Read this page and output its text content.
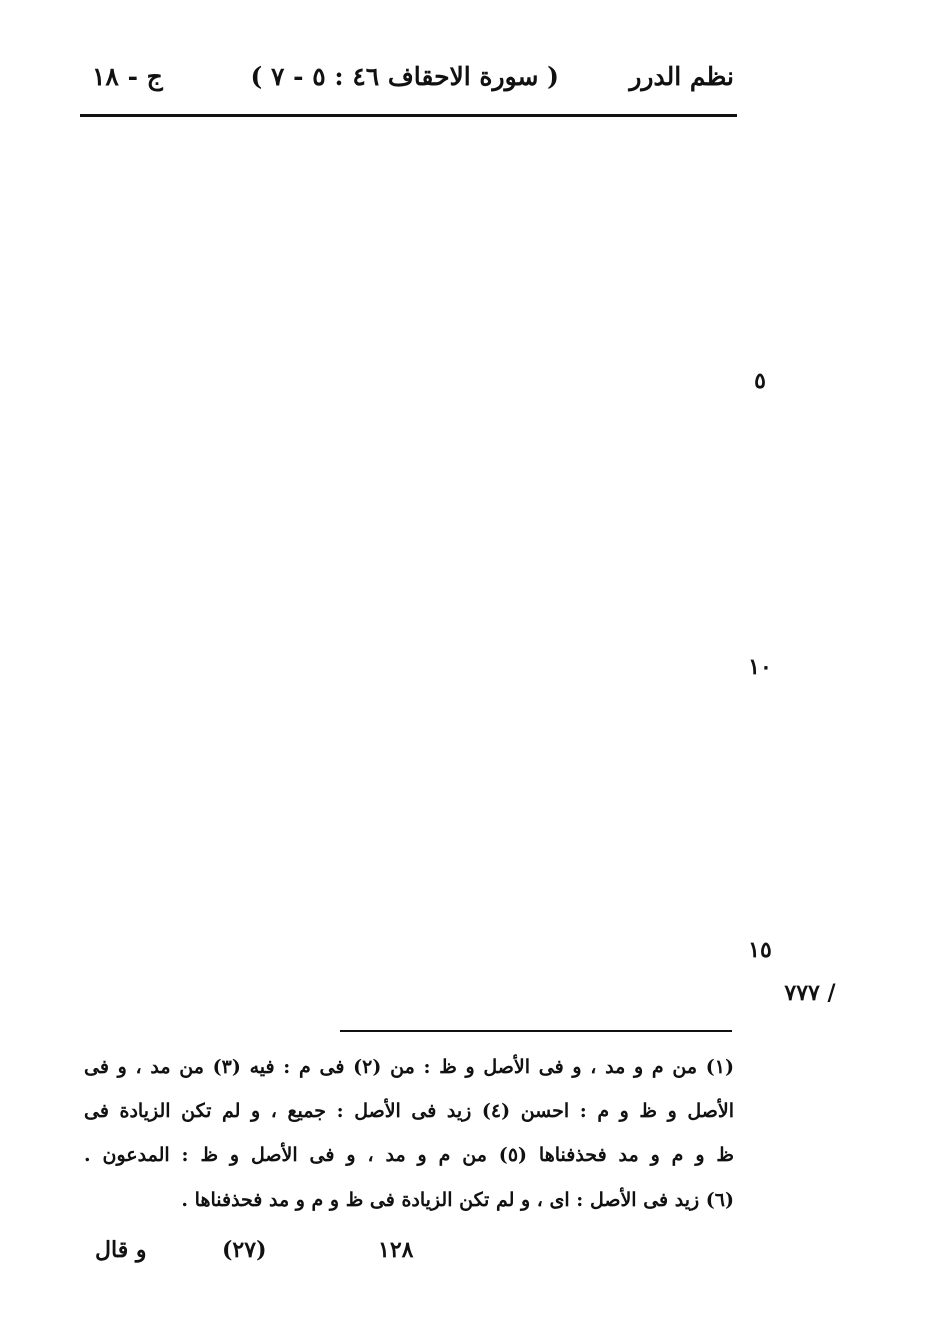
نظم الدرر
( سورة الاحقاف ٤٦ : ٥ - ٧ )
ج - ١٨
٥
١٠
١٥
/ ٧٧٧
(١) من م و مد ، و فى الأصل و ظ : من (٢) فى م : فيه (٣) من مد ، و فى
الأصل و ظ و م : احسن (٤) زيد فى الأصل : جميع ، و لم تكن الزيادة فى
ظ و م و مد فحذفناها (٥) من م و مد ، و فى الأصل و ظ : المدعون .
(٦) زيد فى الأصل : اى ، و لم تكن الزيادة فى ظ و م و مد فحذفناها .
١٢٨
(٢٧)
و قال
